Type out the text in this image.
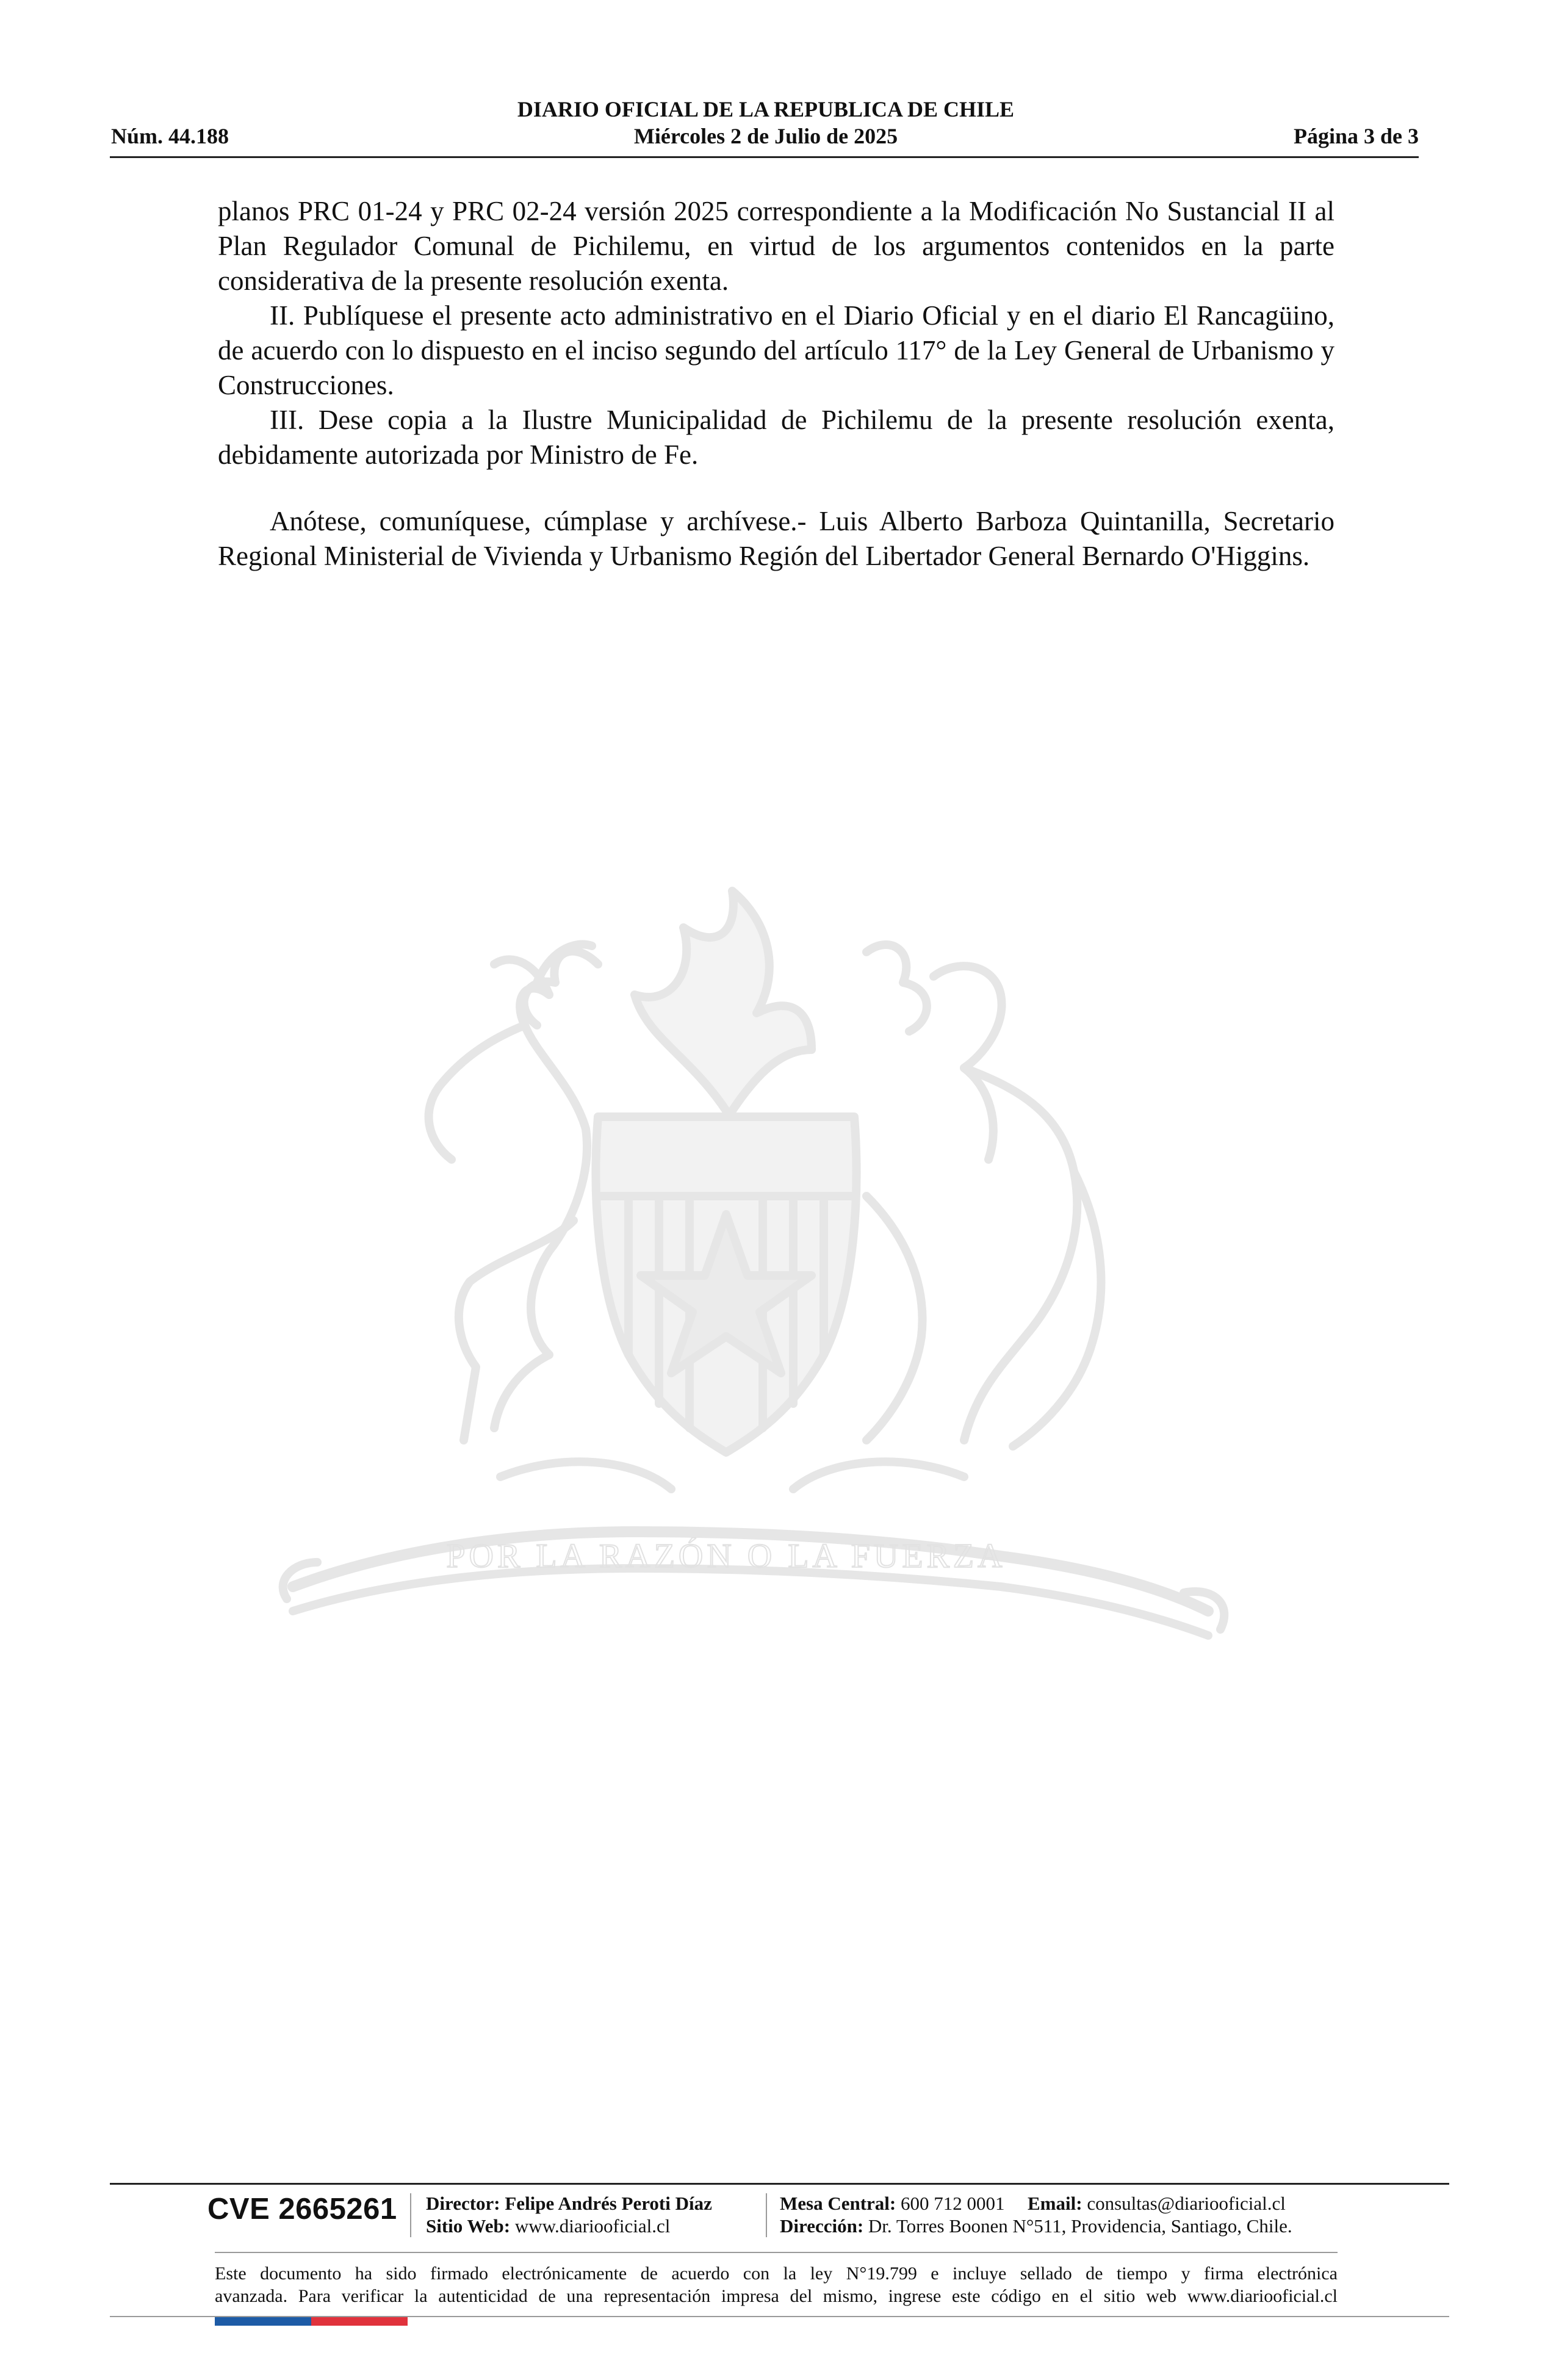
DIARIO OFICIAL DE LA REPUBLICA DE CHILE
Núm. 44.188	Miércoles 2 de Julio de 2025	Página 3 de 3
POR LA RAZÓN O LA FUERZA

planos PRC 01-24 y PRC 02-24 versión 2025 correspondiente a la Modificación No Sustancial II al Plan Regulador Comunal de Pichilemu, en virtud de los argumentos contenidos en la parte considerativa de la presente resolución exenta.

II. Publíquese el presente acto administrativo en el Diario Oficial y en el diario El Rancagüino, de acuerdo con lo dispuesto en el inciso segundo del artículo 117° de la Ley General de Urbanismo y Construcciones.

III. Dese copia a la Ilustre Municipalidad de Pichilemu de la presente resolución exenta, debidamente autorizada por Ministro de Fe.

Anótese, comuníquese, cúmplase y archívese.- Luis Alberto Barboza Quintanilla, Secretario Regional Ministerial de Vivienda y Urbanismo Región del Libertador General Bernardo O'Higgins.

CVE 2665261 Director: Felipe Andrés Peroti Díaz
Sitio Web: www.diariooficial.cl
Mesa Central: 600 712 0001 Email: consultas@diariooficial.cl
Dirección: Dr. Torres Boonen N°511, Providencia, Santiago, Chile.

Este documento ha sido firmado electrónicamente de acuerdo con la ley N°19.799 e incluye sellado de tiempo y firma electrónica

avanzada. Para verificar la autenticidad de una representación impresa del mismo, ingrese este código en el sitio web www.diariooficial.cl
